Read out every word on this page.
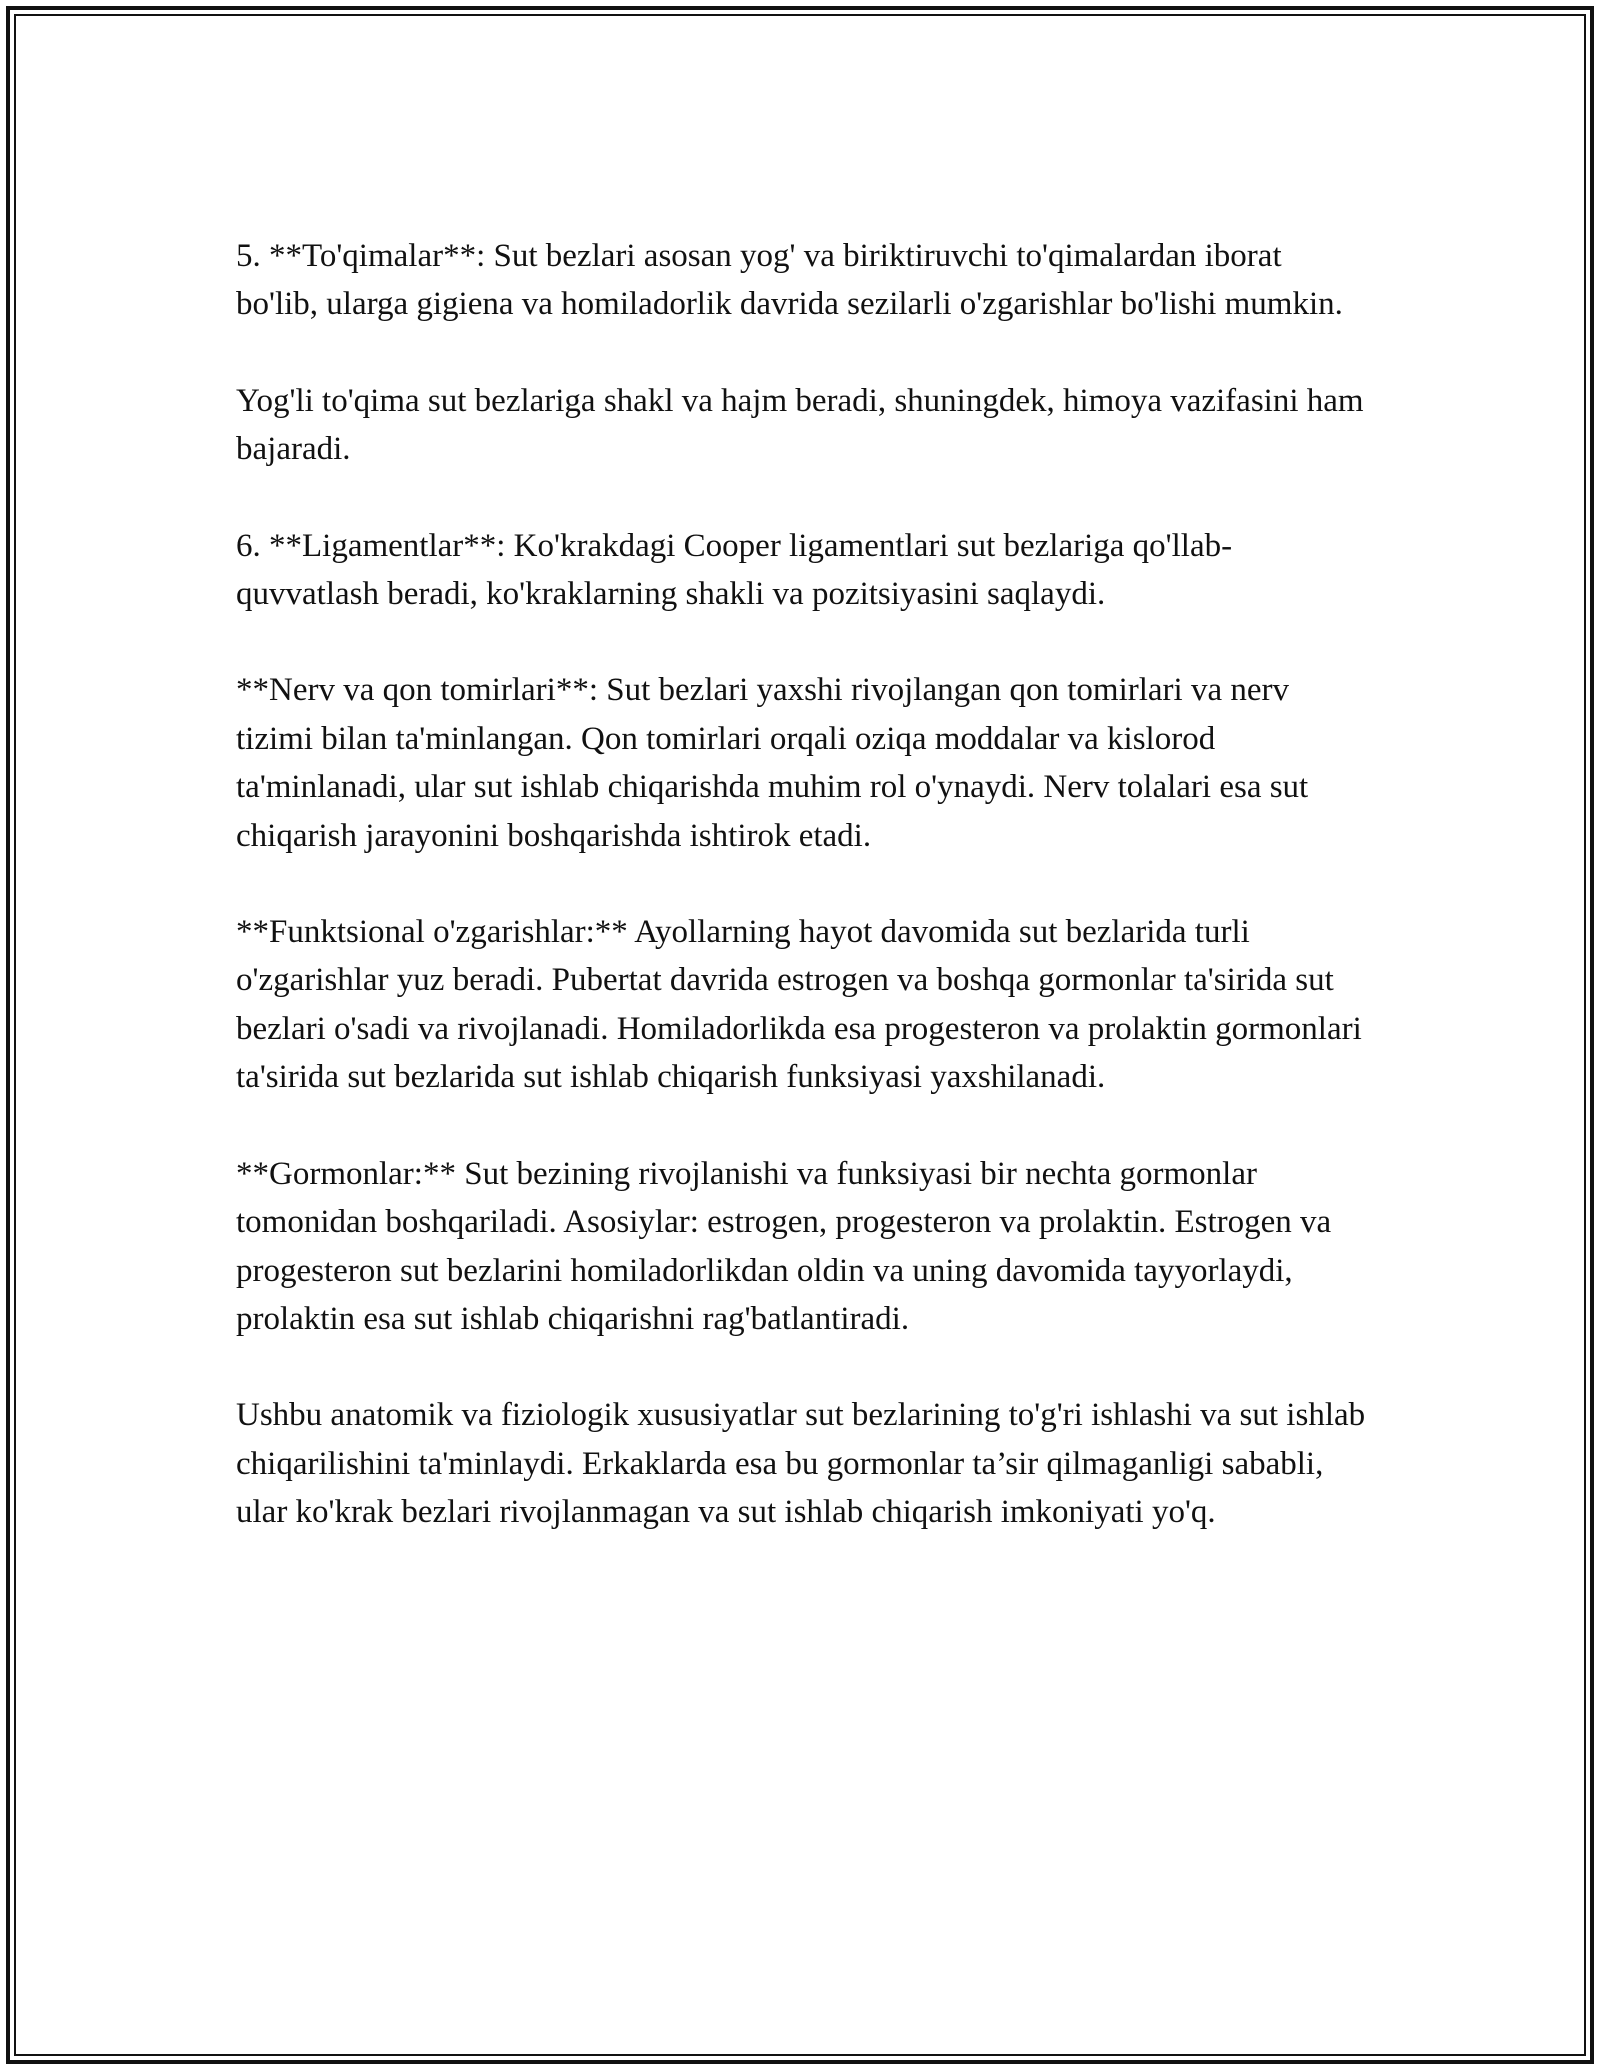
5. **To'qimalar**: Sut bezlari asosan yog' va biriktiruvchi to'qimalardan iborat bo'lib, ularga gigiena va homiladorlik davrida sezilarli o'zgarishlar bo'lishi mumkin.

Yog'li to'qima sut bezlariga shakl va hajm beradi, shuningdek, himoya vazifasini ham bajaradi.

6. **Ligamentlar**: Ko'krakdagi Cooper ligamentlari sut bezlariga qo'llab-quvvatlash beradi, ko'kraklarning shakli va pozitsiyasini saqlaydi.

**Nerv va qon tomirlari**: Sut bezlari yaxshi rivojlangan qon tomirlari va nerv tizimi bilan ta'minlangan. Qon tomirlari orqali oziqa moddalar va kislorod ta'minlanadi, ular sut ishlab chiqarishda muhim rol o'ynaydi. Nerv tolalari esa sut chiqarish jarayonini boshqarishda ishtirok etadi.

**Funktsional o'zgarishlar:** Ayollarning hayot davomida sut bezlarida turli o'zgarishlar yuz beradi. Pubertat davrida estrogen va boshqa gormonlar ta'sirida sut bezlari o'sadi va rivojlanadi. Homiladorlikda esa progesteron va prolaktin gormonlari ta'sirida sut bezlarida sut ishlab chiqarish funksiyasi yaxshilanadi.

**Gormonlar:** Sut bezining rivojlanishi va funksiyasi bir nechta gormonlar tomonidan boshqariladi. Asosiylar: estrogen, progesteron va prolaktin. Estrogen va progesteron sut bezlarini homiladorlikdan oldin va uning davomida tayyorlaydi, prolaktin esa sut ishlab chiqarishni rag'batlantiradi.

Ushbu anatomik va fiziologik xususiyatlar sut bezlarining to'g'ri ishlashi va sut ishlab chiqarilishini ta'minlaydi. Erkaklarda esa bu gormonlar ta’sir qilmaganligi sababli, ular ko'krak bezlari rivojlanmagan va sut ishlab chiqarish imkoniyati yo'q.
